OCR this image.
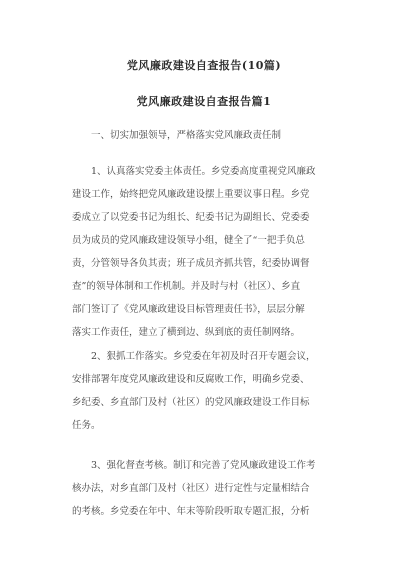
党风廉政建设自查报告(10篇)
党风廉政建设自查报告篇1
一、切实加强领导，严格落实党风廉政责任制
1、认真落实党委主体责任。乡党委高度重视党风廉政
建设工作，始终把党风廉政建设摆上重要议事日程。乡党
委成立了以党委书记为组长、纪委书记为副组长、党委委
员为成员的党风廉政建设领导小组，健全了“一把手负总
责，分管领导各负其责；班子成员齐抓共管，纪委协调督
查”的领导体制和工作机制。并及时与村（社区）、乡直
部门签订了《党风廉政建设目标管理责任书》，层层分解
落实工作责任，建立了横到边、纵到底的责任制网络。
2、狠抓工作落实。乡党委在年初及时召开专题会议，
安排部署年度党风廉政建设和反腐败工作，明确乡党委、
乡纪委、乡直部门及村（社区）的党风廉政建设工作目标
任务。
3、强化督查考核。制订和完善了党风廉政建设工作考
核办法，对乡直部门及村（社区）进行定性与定量相结合
的考核。乡党委在年中、年末等阶段听取专题汇报，分析
